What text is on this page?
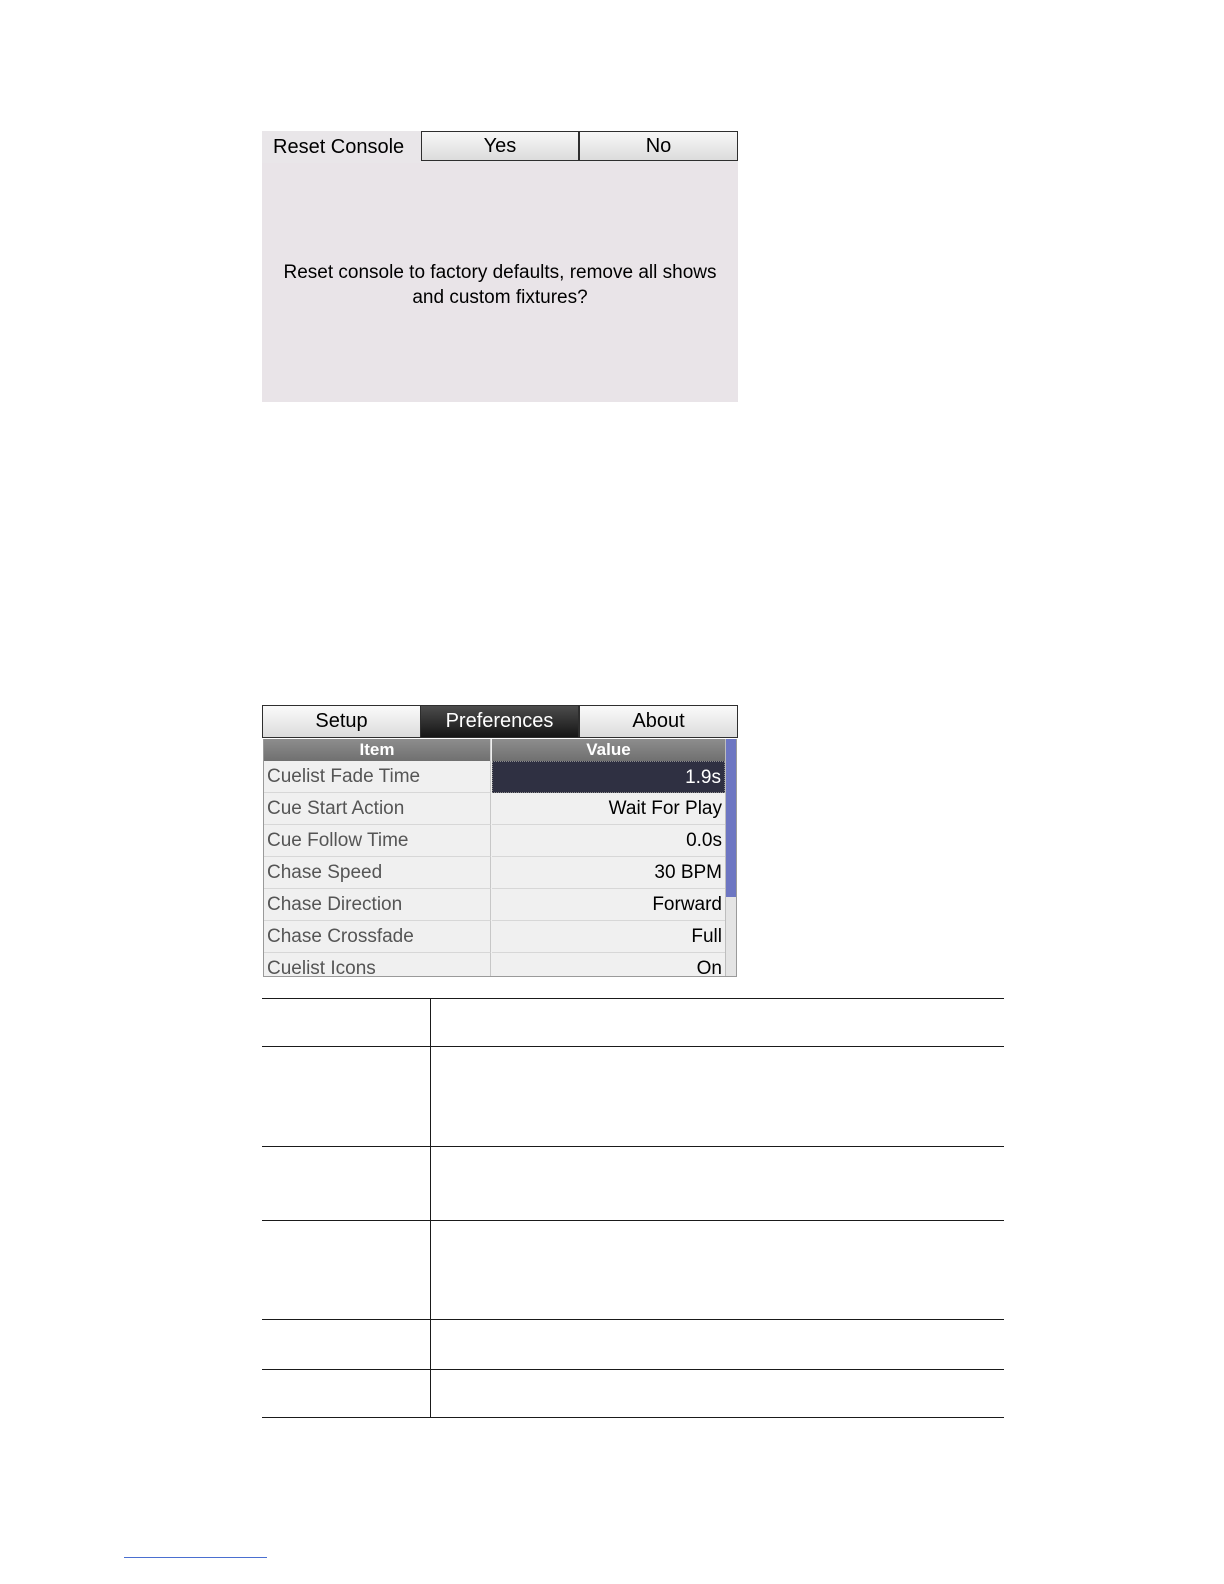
Reset Console	Yes	No
Reset console to factory defaults, remove all shows and custom fixtures?
Setup	Preferences	About
Item	Value
Cuelist Fade Time	1.9s
Cue Start Action	Wait For Play
Cue Follow Time	0.0s
Chase Speed	30 BPM
Chase Direction	Forward
Chase Crossfade	Full
Cuelist Icons	On
